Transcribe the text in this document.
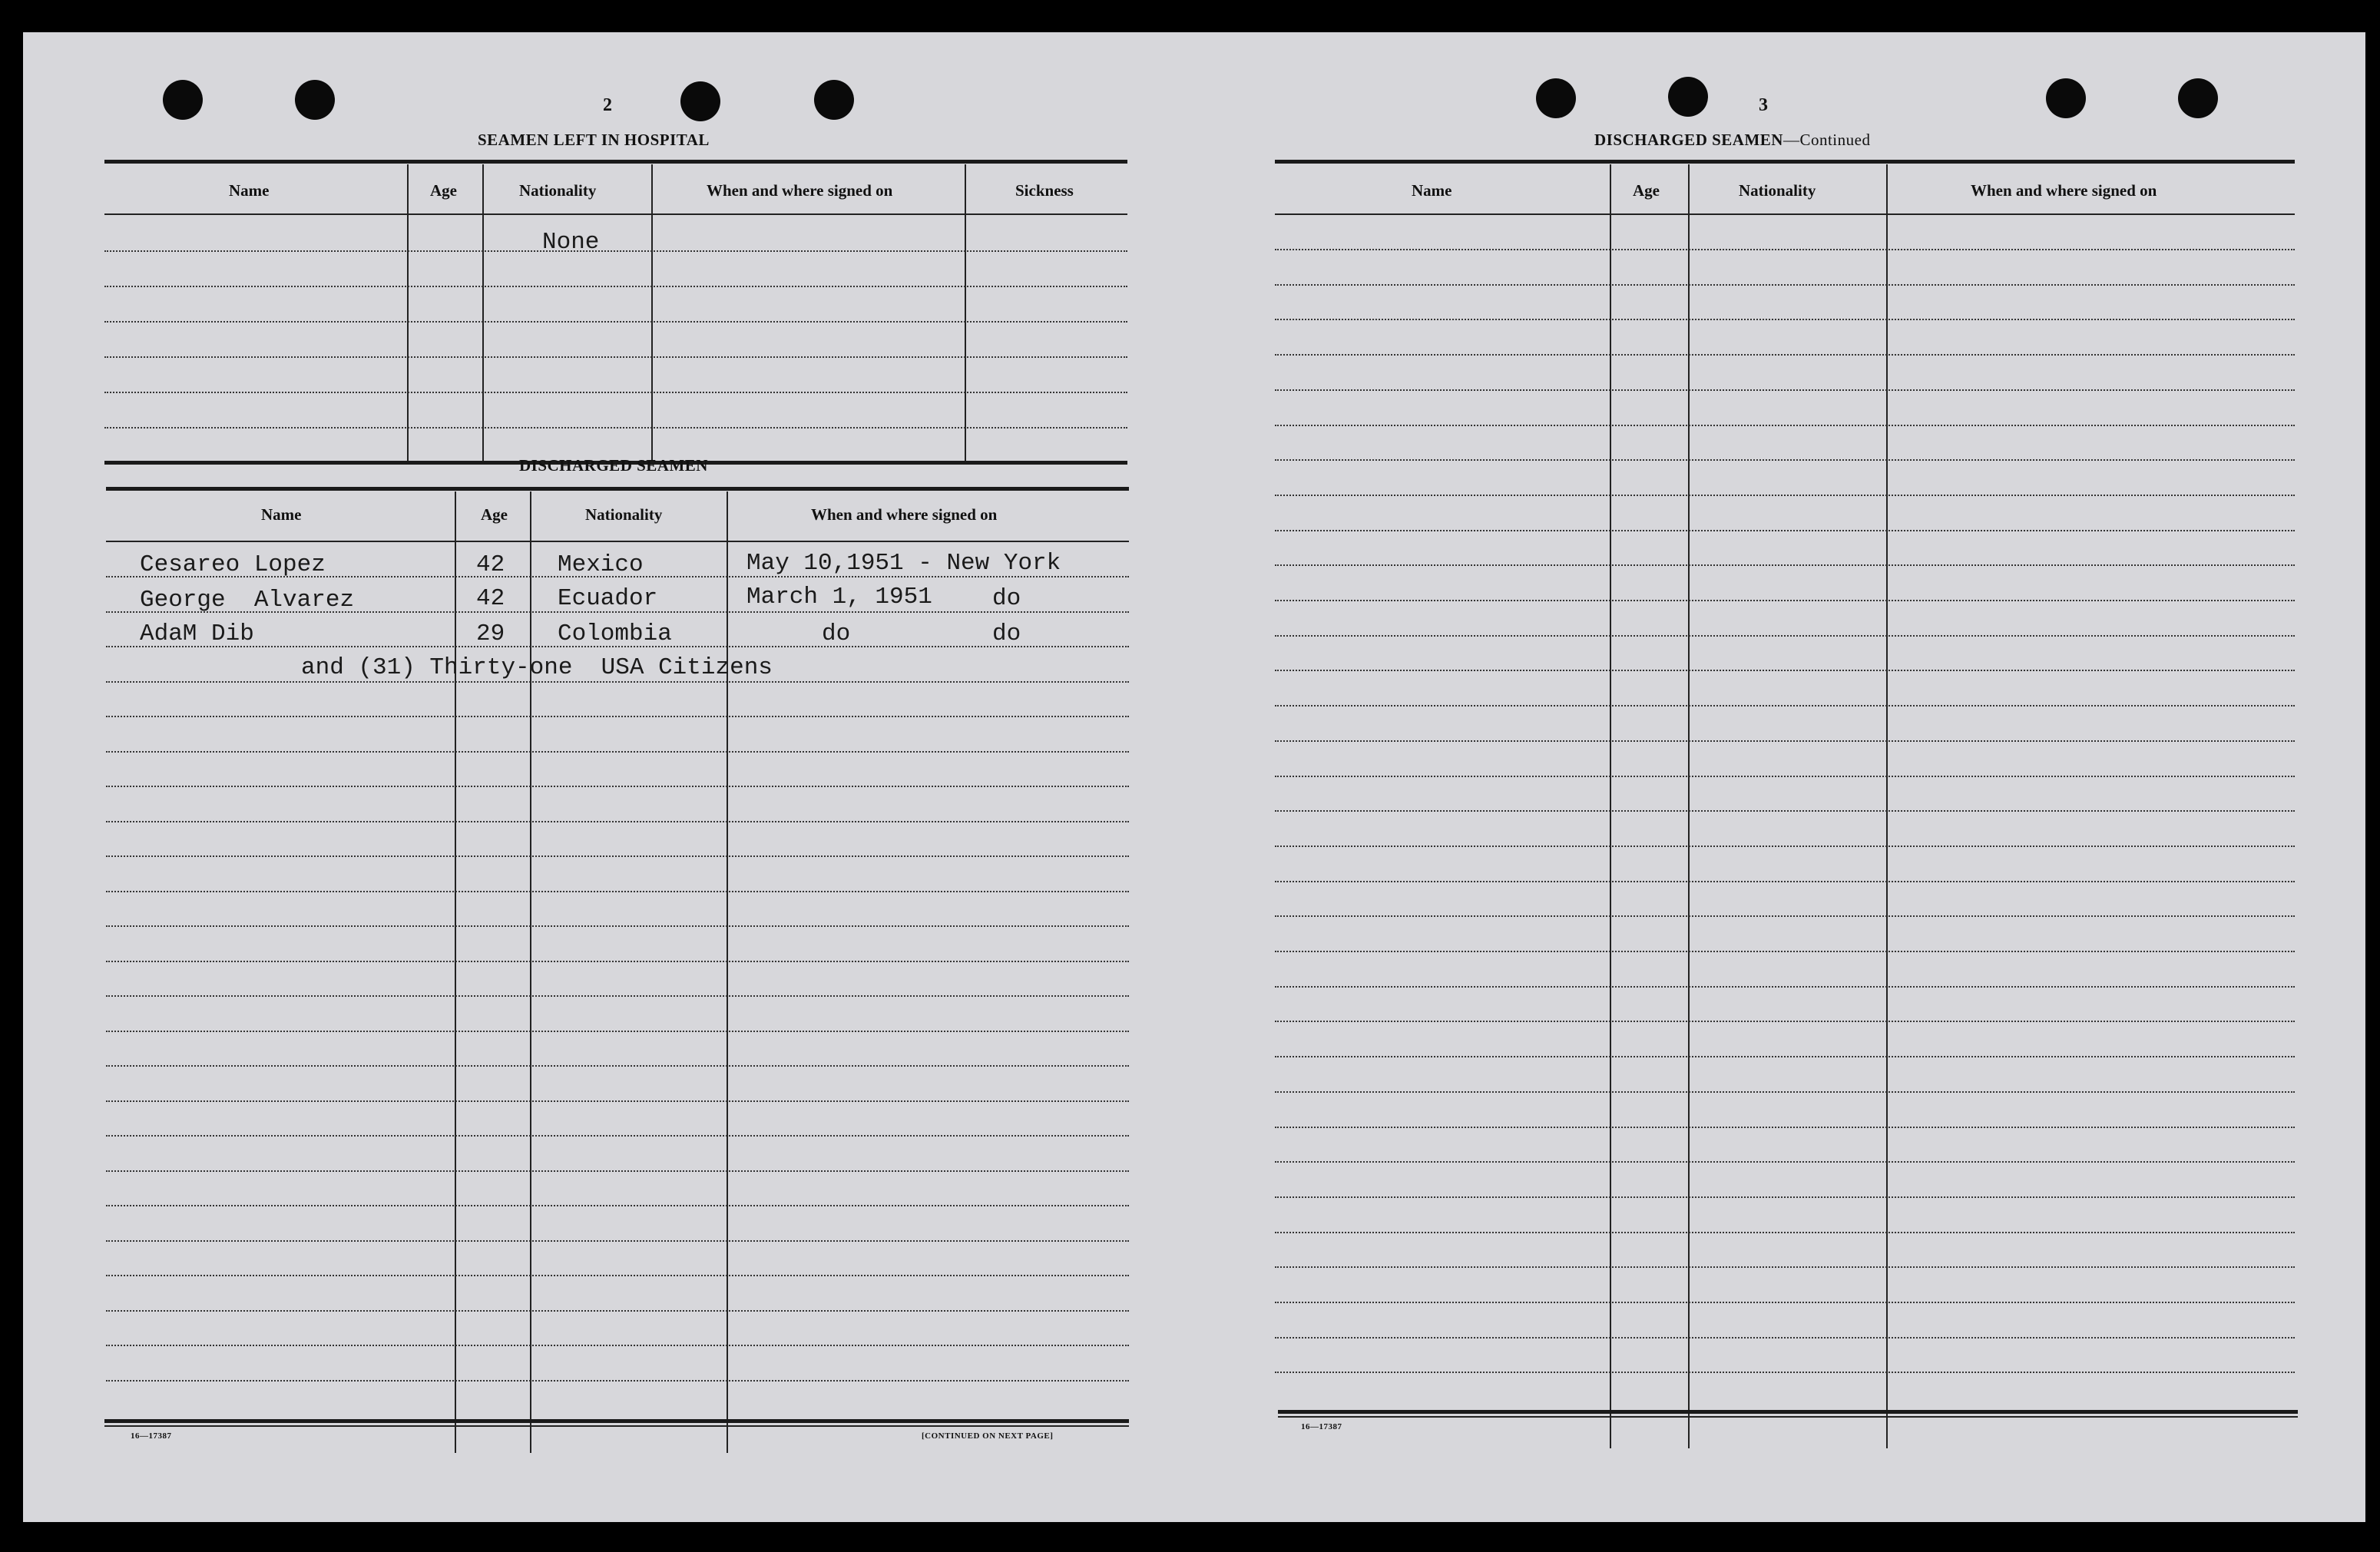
2
SEAMEN LEFT IN HOSPITAL
Name	Age	Nationality	When and where signed on	Sickness
None
DISCHARGED SEAMEN
Name	Age	Nationality	When and where signed on
Cesareo Lopez	42 Mexico	May 10,1951 - New York
George  Alvarez	42 Ecuador	March 1, 1951	do
AdaM Dib	29 Colombia	do	do
and (31) Thirty-one  USA Citizens
16—17387	[CONTINUED ON NEXT PAGE]
3
DISCHARGED SEAMEN—Continued
Name	Age	Nationality	When and where signed on
16—17387
